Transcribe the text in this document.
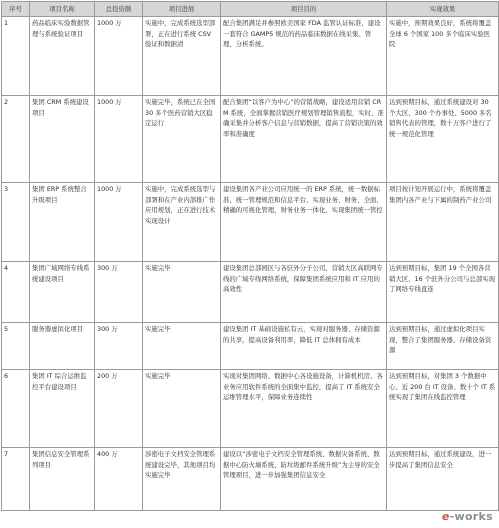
序号	项目名称	总投资额	项目进展	项目目的	实现效果
1	药品临床实验数据管理与系统验证项目	1000 万	实施中，完成系统选型部署，正在进行系统 CSV 验证和数据清	配合集团满足并参照欧美国家 FDA 监管认证标准，建设一套符合 GAMP5 规范的药品临床数据在线采集、管理、分析系统。	实施中，预期效果良好，系统将覆盖全球 6 个国家 100 多个临床实验医院
2	集团 CRM 系统建设项目	1000 万	实施完毕，系统已在全国 30 多个医药营销大区稳定运行	配合集团“以客户为中心”的营销战略，建设适用营销 CRM 系统，全面掌握营销医疗规划管理销售流程，实时、准确采集并分析客户信息与营销数据，提高了营销决策的效率和准确度	达到预期目标，通过系统建设对 30 个大区、300 个办事处、5000 多名销售代表的管理，数十万客户进行了统一规范化管理
3	集团 ERP 系统整合升级项目	1000 万	实施中，完成系统选型与部署和在产业内部推广作应用规划，正在进行技术实现设计	建设集团各产业公司应用统一的 ERP 系统，统一数据标准、统一管理规范和信息平台、实现业务、财务、全面、精确的可视化管理，财务业务一体化，实现集团统一管控	项目按计划开展运行中，系统将覆盖集团内各产业与下属的制药产业公司
4	集团广域网络专线系统建设项目	300 万	实施完毕	建设集团总部园区与各驻外分子公司、营销大区高联网专线的广域专线网络系统，保障集团系统应用和 IT 应用的高效性	达到预期目标，集团 19 个全国各营销大区、16 个驻外分公司与总部实现了网络专线直连
5	服务器虚拟化项目	300 万	实施完毕	建设集团 IT 基础设施私有云，实现对服务器、存储资源的共享，提高设备利用率，降低 IT 总体拥有成本	达到预期目标，通过虚拟化项目实现，整合了集团服务器、存储设备资源
6	集团 IT 综合运维监控平台建设项目	200 万	实施完毕	实现对集团网络、数据中心各设施设备，计算机机房、各业务应用软件系统的全面集中监控，提高了 IT 系统安全运维管理水平，保障业务连续性	达到预期目标，对集团 3 个数据中心、近 200 台 IT 设备、数十个 IT 系统实现了集团在线监控管理
7	集团信息安全管理系列项目	400 万	涉密电子文档安全管理系统建设完毕，其他项目均实施完毕	建设以“涉密电子文档安全管理系统、数据灾备系统、数据中心防火墙系统、防垃圾邮件系统升级”为主导的安全管理项目，进一步加强集团信息安全	达到预期目标，通过系统建设，进一步提高了集团信息安全
e-works
